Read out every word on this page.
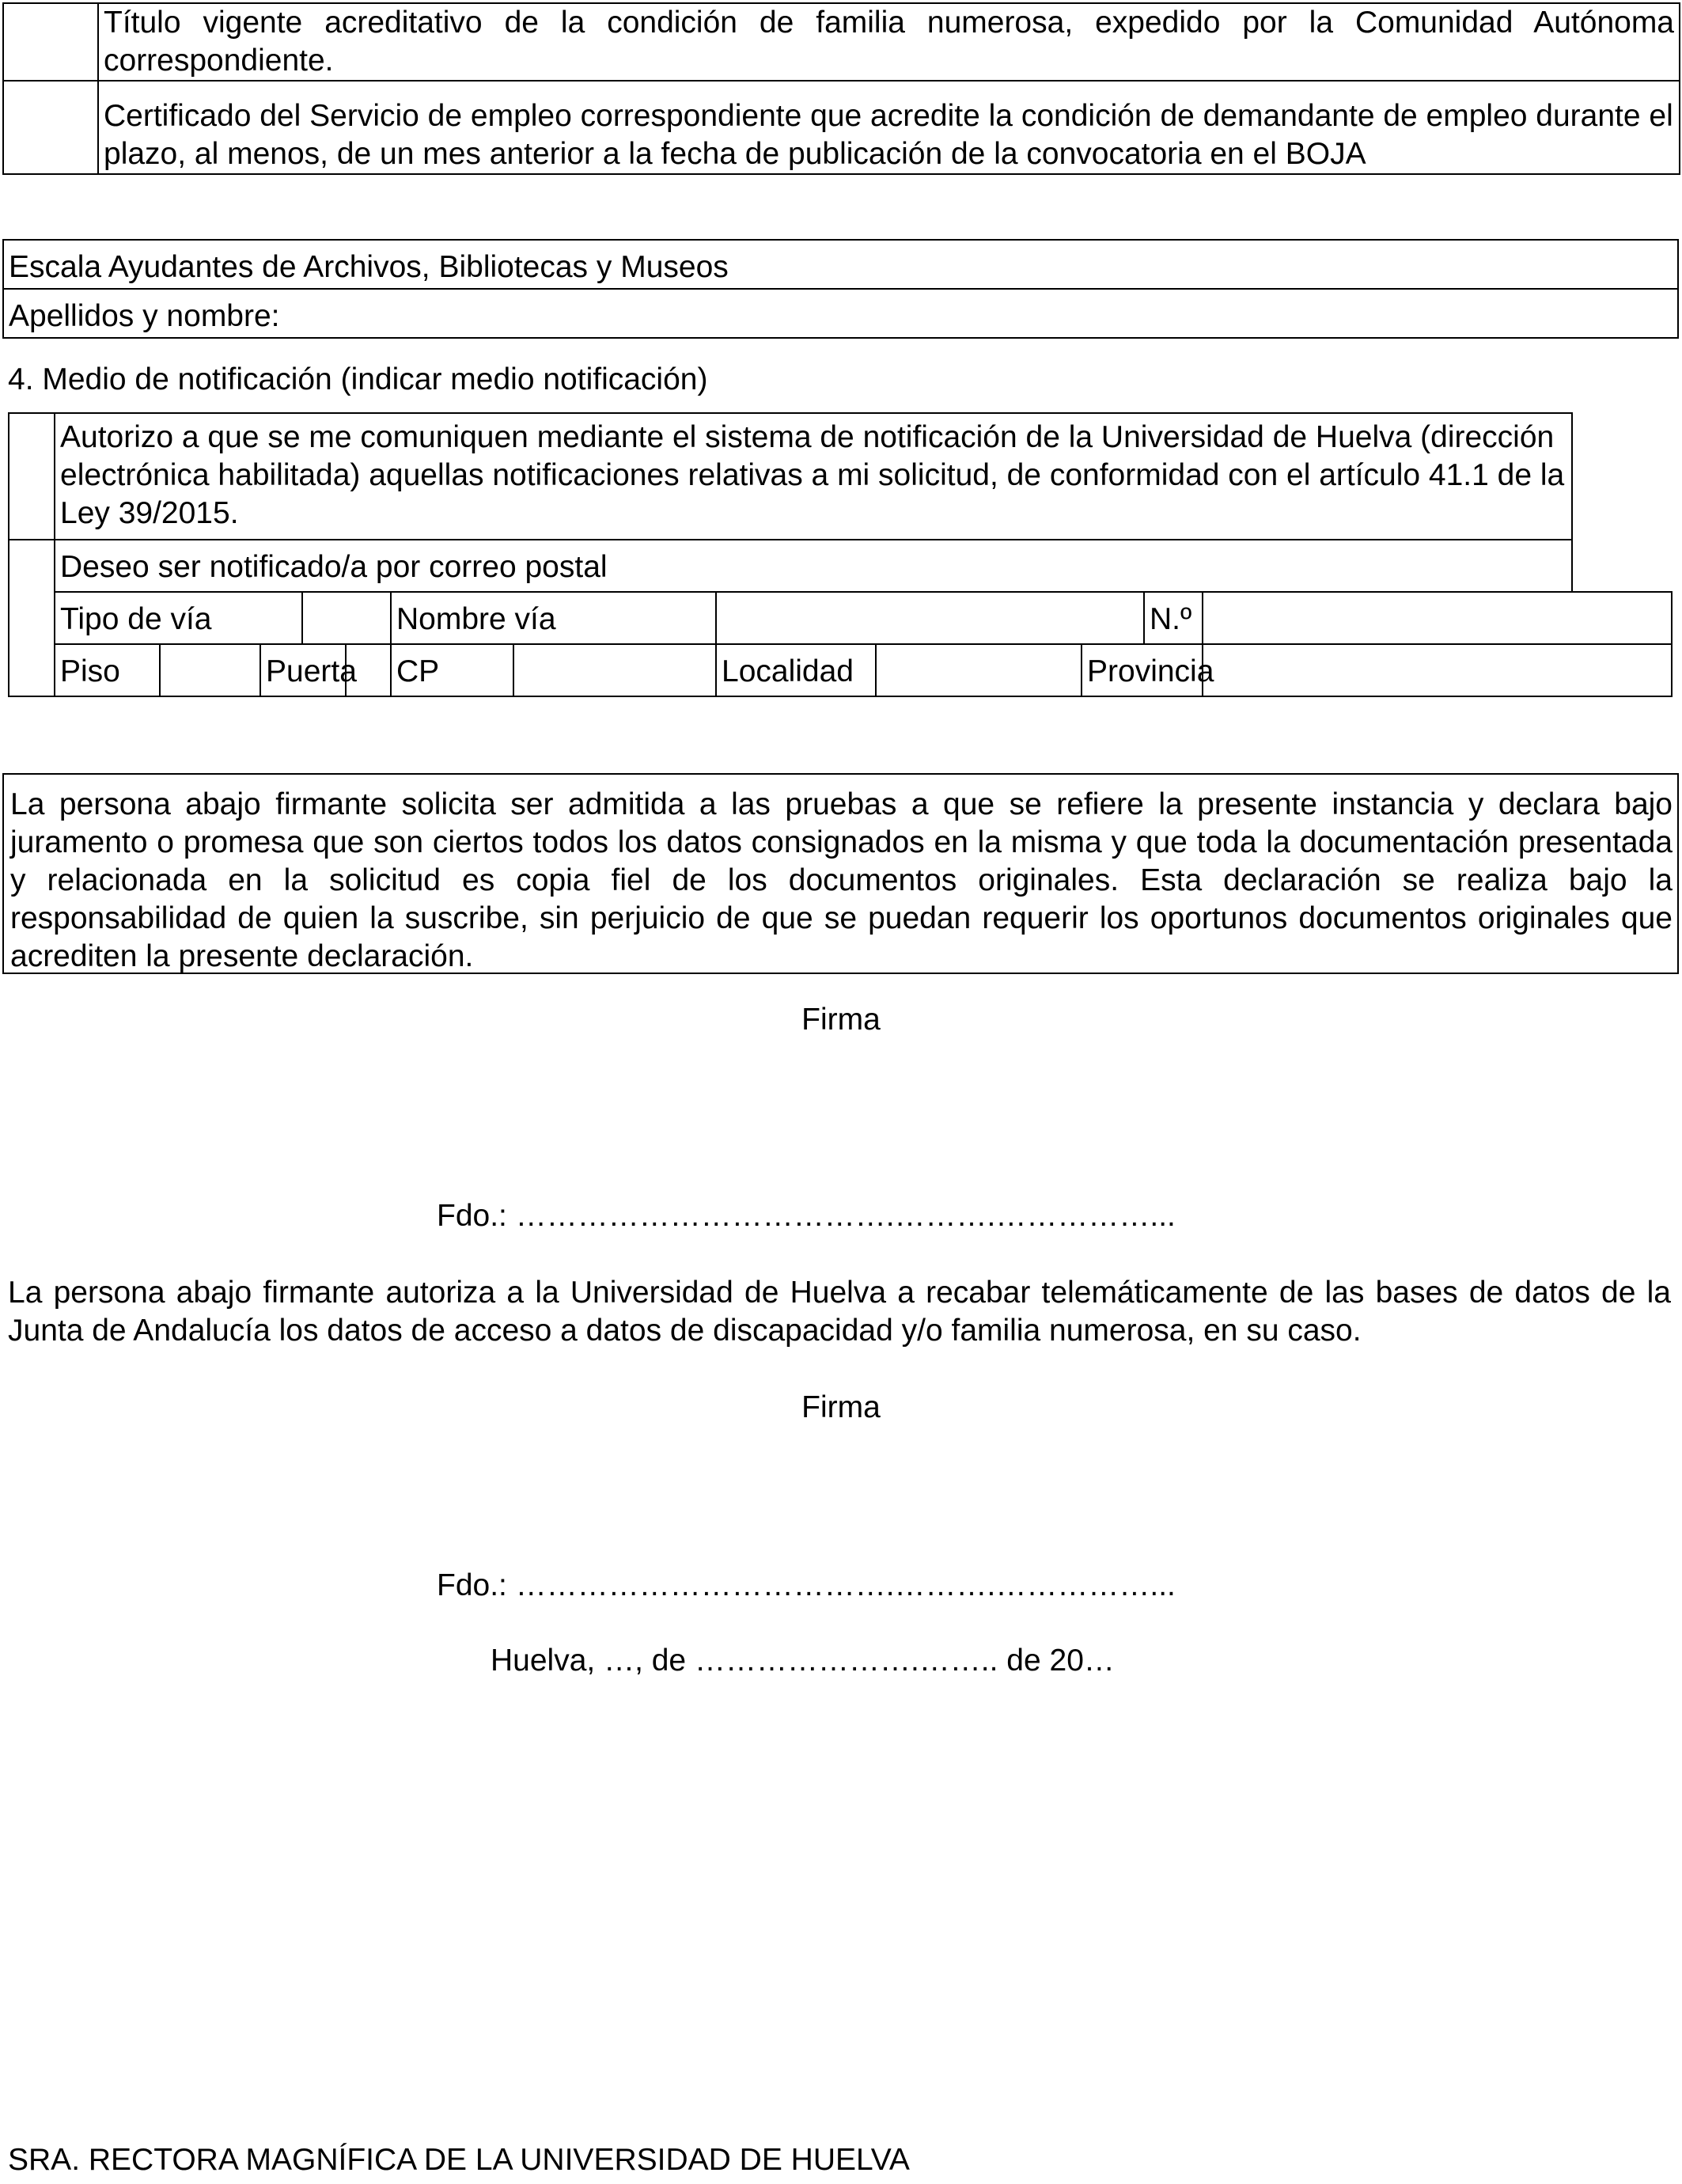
	Título vigente acreditativo de la condición de familia numerosa, expedido por la Comunidad Autónoma correspondiente.
	Certificado del Servicio de empleo correspondiente que acredite la condición de demandante de empleo durante el plazo, al menos, de un mes anterior a la fecha de publicación de la convocatoria en el BOJA
Escala Ayudantes de Archivos, Bibliotecas y Museos
Apellidos y nombre:
4. Medio de notificación (indicar medio notificación)
	Autorizo a que se me comuniquen mediante el sistema de notificación de la Universidad de Huelva (dirección electrónica habilitada) aquellas notificaciones relativas a mi solicitud, de conformidad con el artículo 41.1 de la Ley 39/2015.											
	Deseo ser notificado/a por correo postal											
	Tipo de vía					Nombre vía					N.º	
	Piso		Puerta			CP		Localidad		Provincia		
La persona abajo firmante solicita ser admitida a las pruebas a que se refiere la presente instancia y declara bajo juramento o promesa que son ciertos todos los datos consignados en la misma y que toda la documentación presentada y relacionada en la solicitud es copia fiel de los documentos originales. Esta declaración se realiza bajo la responsabilidad de quien la suscribe, sin perjuicio de que se puedan requerir los oportunos documentos originales que acrediten la presente declaración.
Firma
Fdo.: ……………………………….……….……………...
La persona abajo firmante autoriza a la Universidad de Huelva a recabar telemáticamente de las bases de datos de la Junta de Andalucía los datos de acceso a datos de discapacidad y/o familia numerosa, en su caso.
Firma
Fdo.: ……………………………….……….……………...
Huelva, …, de ………………….…….. de 20…
SRA. RECTORA MAGNÍFICA DE LA UNIVERSIDAD DE HUELVA
